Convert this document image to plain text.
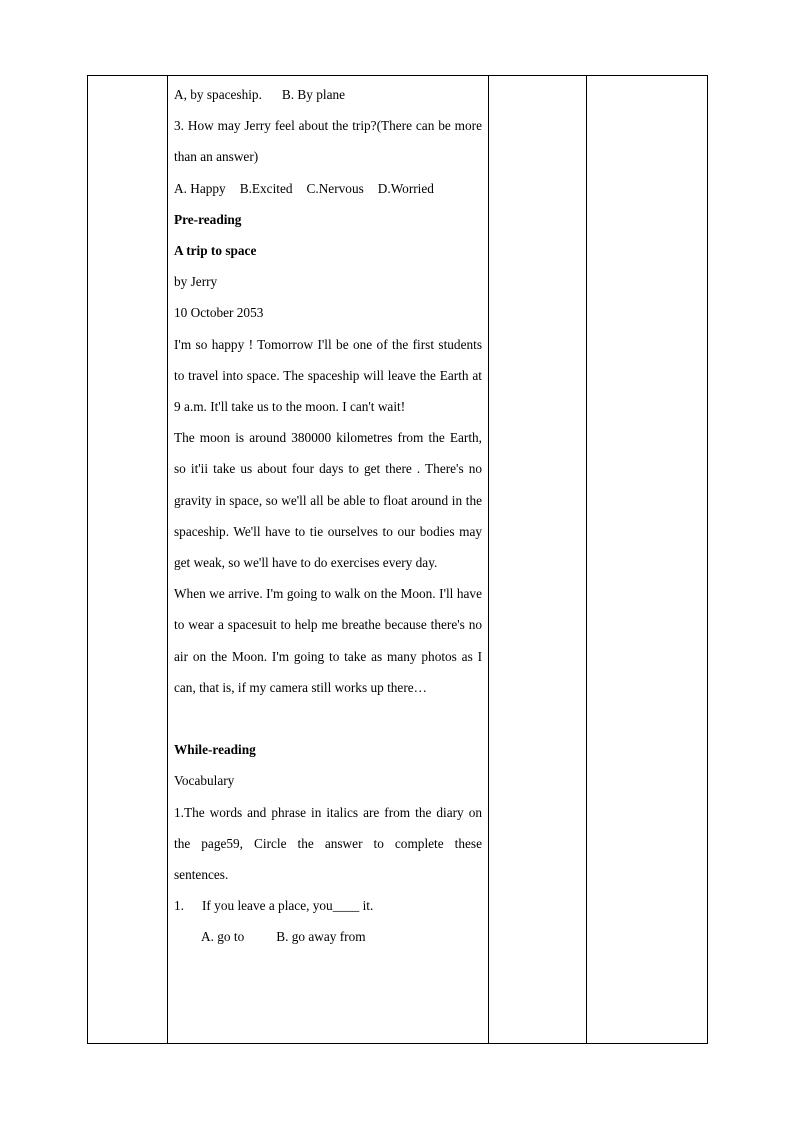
A, by spaceship. B. By plane

3. How may Jerry feel about the trip?(There can be more than an answer)

A. Happy B.Excited C.Nervous D.Worried

Pre-reading

A trip to space

by Jerry

10 October 2053

I'm so happy ! Tomorrow I'll be one of the first students to travel into space. The spaceship will leave the Earth at 9 a.m. It'll take us to the moon. I can't wait!

The moon is around 380000 kilometres from the Earth, so it'ii take us about four days to get there . There's no gravity in space, so we'll all be able to float around in the spaceship. We'll have to tie ourselves to our bodies may get weak, so we'll have to do exercises every day.

When we arrive. I'm going to walk on the Moon. I'll have to wear a spacesuit to help me breathe because there's no air on the Moon. I'm going to take as many photos as I can, that is, if my camera still works up there…

While-reading

Vocabulary

1.The words and phrase in italics are from the diary on the page59, Circle the answer to complete these sentences.

1.	If you leave a place, you____ it.

A. go to B. go away from
